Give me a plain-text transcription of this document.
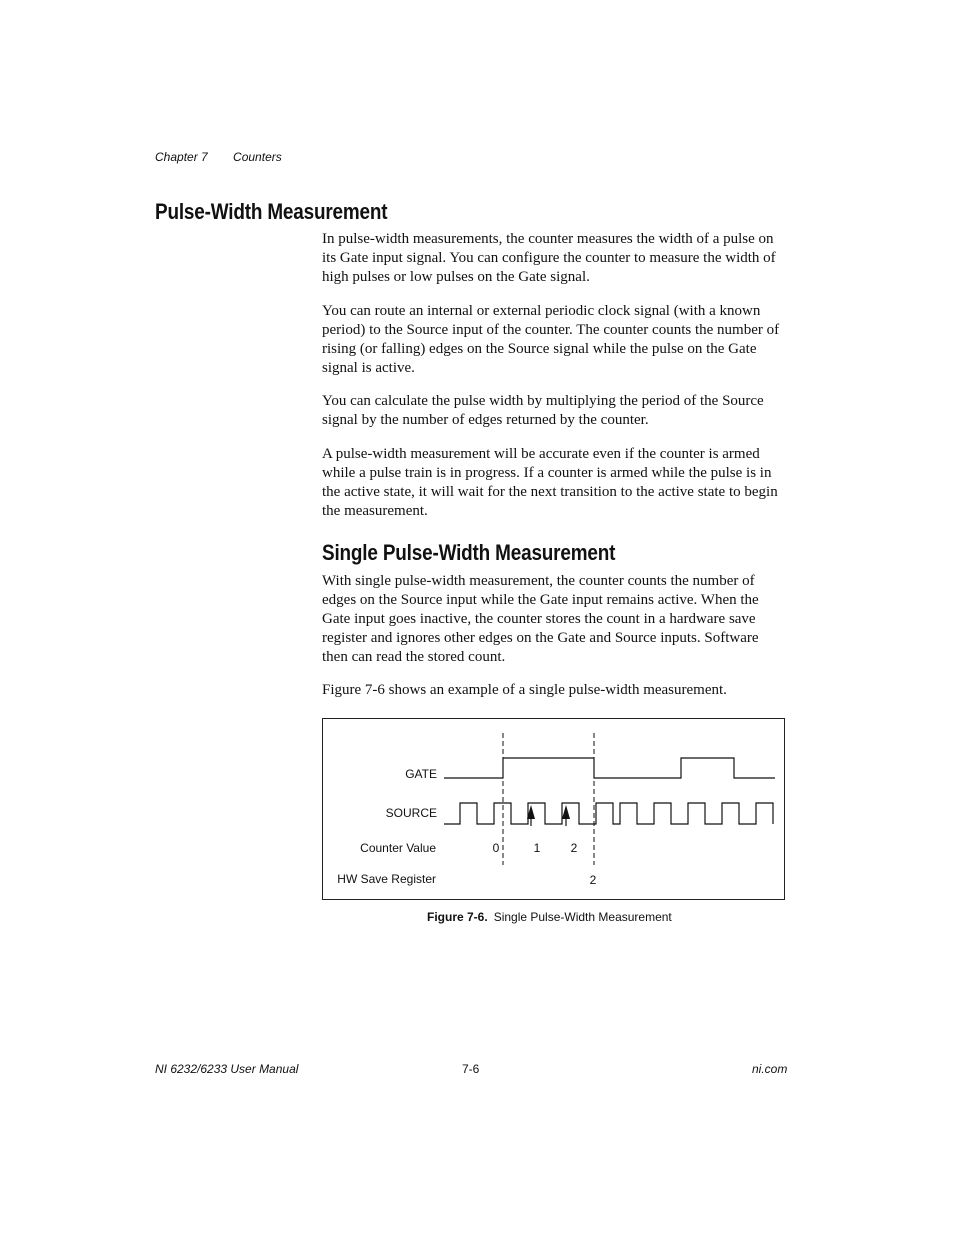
Chapter 7 Counters
Pulse-Width Measurement

In pulse-width measurements, the counter measures the width of a pulse on its Gate input signal. You can configure the counter to measure the width of high pulses or low pulses on the Gate signal.

You can route an internal or external periodic clock signal (with a known period) to the Source input of the counter. The counter counts the number of rising (or falling) edges on the Source signal while the pulse on the Gate signal is active.

You can calculate the pulse width by multiplying the period of the Source signal by the number of edges returned by the counter.

A pulse-width measurement will be accurate even if the counter is armed while a pulse train is in progress. If a counter is armed while the pulse is in the active state, it will wait for the next transition to the active state to begin the measurement.

Single Pulse-Width Measurement

With single pulse-width measurement, the counter counts the number of edges on the Source input while the Gate input remains active. When the Gate input goes inactive, the counter stores the count in a hardware save register and ignores other edges on the Gate and Source inputs. Software then can read the stored count.

Figure 7-6 shows an example of a single pulse-width measurement.

GATE
SOURCE
Counter Value
HW Save Register
0	1	2
2
Figure 7-6. Single Pulse-Width Measurement
NI 6232/6233 User Manual	7-6	ni.com
